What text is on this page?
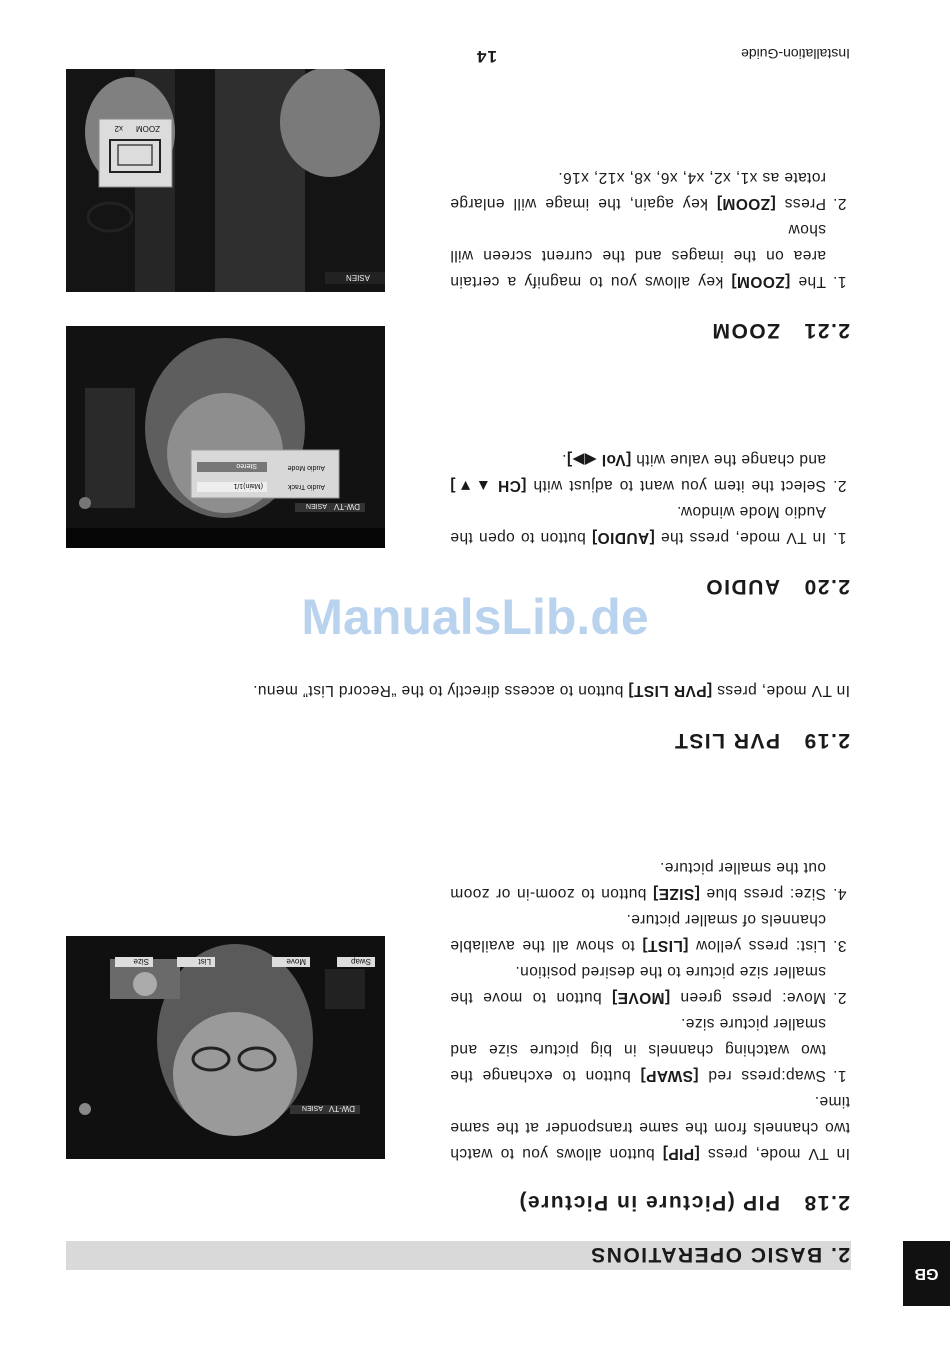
Installation-Guide
14
GB
2. BASIC OPERATIONS
2.18PIP (Picture in Picture)
In TV mode, press [PIP] button allows you to watch two channels from the same transponder at the same time.
1. Swap:press red [SWAP] button to exchange the two watching channels in big picture size and smaller picture size.
2. Move: press green [MOVE] button to move the smaller size picture to the desired position.
3. List: press yellow [LIST] to show all the available channels of smaller picture.
4. Size: press blue [SIZE] button to zoom-in or zoom out the smaller picture.
DW-TV
ASIEN
Swap
Move
List
Size
2.19PVR LIST
In TV mode, press [PVR LIST] button to access directly to the “Record List” menu.
2.20AUDIO
1. In TV mode, press the [AUDIO] button to open the Audio Mode window.
2. Select the item you want to adjust with [CH ▲▼] and change the value with [Vol ◀▶].
DW-TV
ASIEN
Audio Track
(Main)1/1
Audio Mode
Stereo
2.21ZOOM
1. The [ZOOM] key allows you to magnify a certain area on the images and the current screen will show
2. Press [ZOOM] key again, the image will enlarge rotate as x1, x2, x4, x6, x8, x12, x16.
ASIEN
ZOOM
x2
ManualsLib.de
